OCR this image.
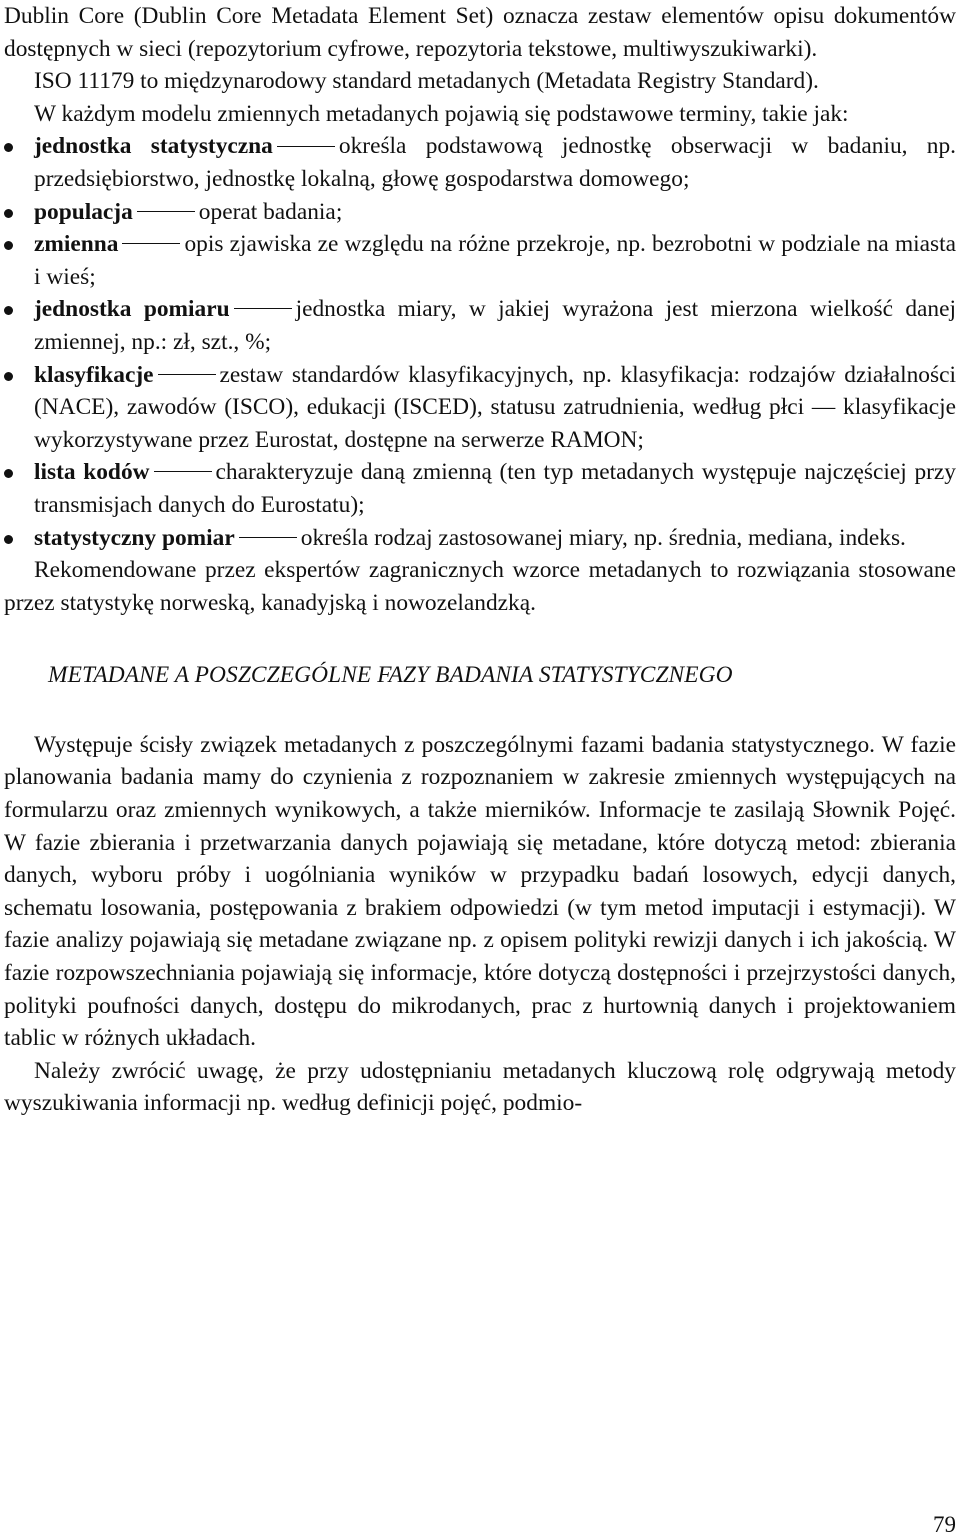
Dublin Core (Dublin Core Metadata Element Set) oznacza zestaw elementów opisu dokumentów dostępnych w sieci (repozytorium cyfrowe, repozytoria tekstowe, multiwyszukiwarki).

ISO 11179 to międzynarodowy standard metadanych (Metadata Registry Standard).

W każdym modelu zmiennych metadanych pojawią się podstawowe terminy, takie jak:

jednostka statystyczna	określa podstawową jednostkę obserwacji w badaniu, np. przedsiębiorstwo, jednostkę lokalną, głowę gospodarstwa domowego;
populacja	operat badania;
zmienna	opis zjawiska ze względu na różne przekroje, np. bezrobotni w podziale na miasta i wieś;
jednostka pomiaru	jednostka miary, w jakiej wyrażona jest mierzona wielkość danej zmiennej, np.: zł, szt., %;
klasyfikacje	zestaw standardów klasyfikacyjnych, np. klasyfikacja: rodzajów działalności (NACE), zawodów (ISCO), edukacji (ISCED), statusu zatrudnienia, według płci — klasyfikacje wykorzystywane przez Eurostat, dostępne na serwerze RAMON;
lista kodów	charakteryzuje daną zmienną (ten typ metadanych występuje najczęściej przy transmisjach danych do Eurostatu);
statystyczny pomiar	określa rodzaj zastosowanej miary, np. średnia, mediana, indeks.

Rekomendowane przez ekspertów zagranicznych wzorce metadanych to rozwiązania stosowane przez statystykę norweską, kanadyjską i nowozelandzką.

METADANE A POSZCZEGÓLNE FAZY BADANIA STATYSTYCZNEGO

Występuje ścisły związek metadanych z poszczególnymi fazami badania statystycznego. W fazie planowania badania mamy do czynienia z rozpoznaniem w zakresie zmiennych występujących na formularzu oraz zmiennych wynikowych, a także mierników. Informacje te zasilają Słownik Pojęć. W fazie zbierania i przetwarzania danych pojawiają się metadane, które dotyczą metod: zbierania danych, wyboru próby i uogólniania wyników w przypadku badań losowych, edycji danych, schematu losowania, postępowania z brakiem odpowiedzi (w tym metod imputacji i estymacji). W fazie analizy pojawiają się metadane związane np. z opisem polityki rewizji danych i ich jakością. W fazie rozpowszechniania pojawiają się informacje, które dotyczą dostępności i przejrzystości danych, polityki poufności danych, dostępu do mikrodanych, prac z hurtownią danych i projektowaniem tablic w różnych układach.

Należy zwrócić uwagę, że przy udostępnianiu metadanych kluczową rolę odgrywają metody wyszukiwania informacji np. według definicji pojęć, podmio-

79
